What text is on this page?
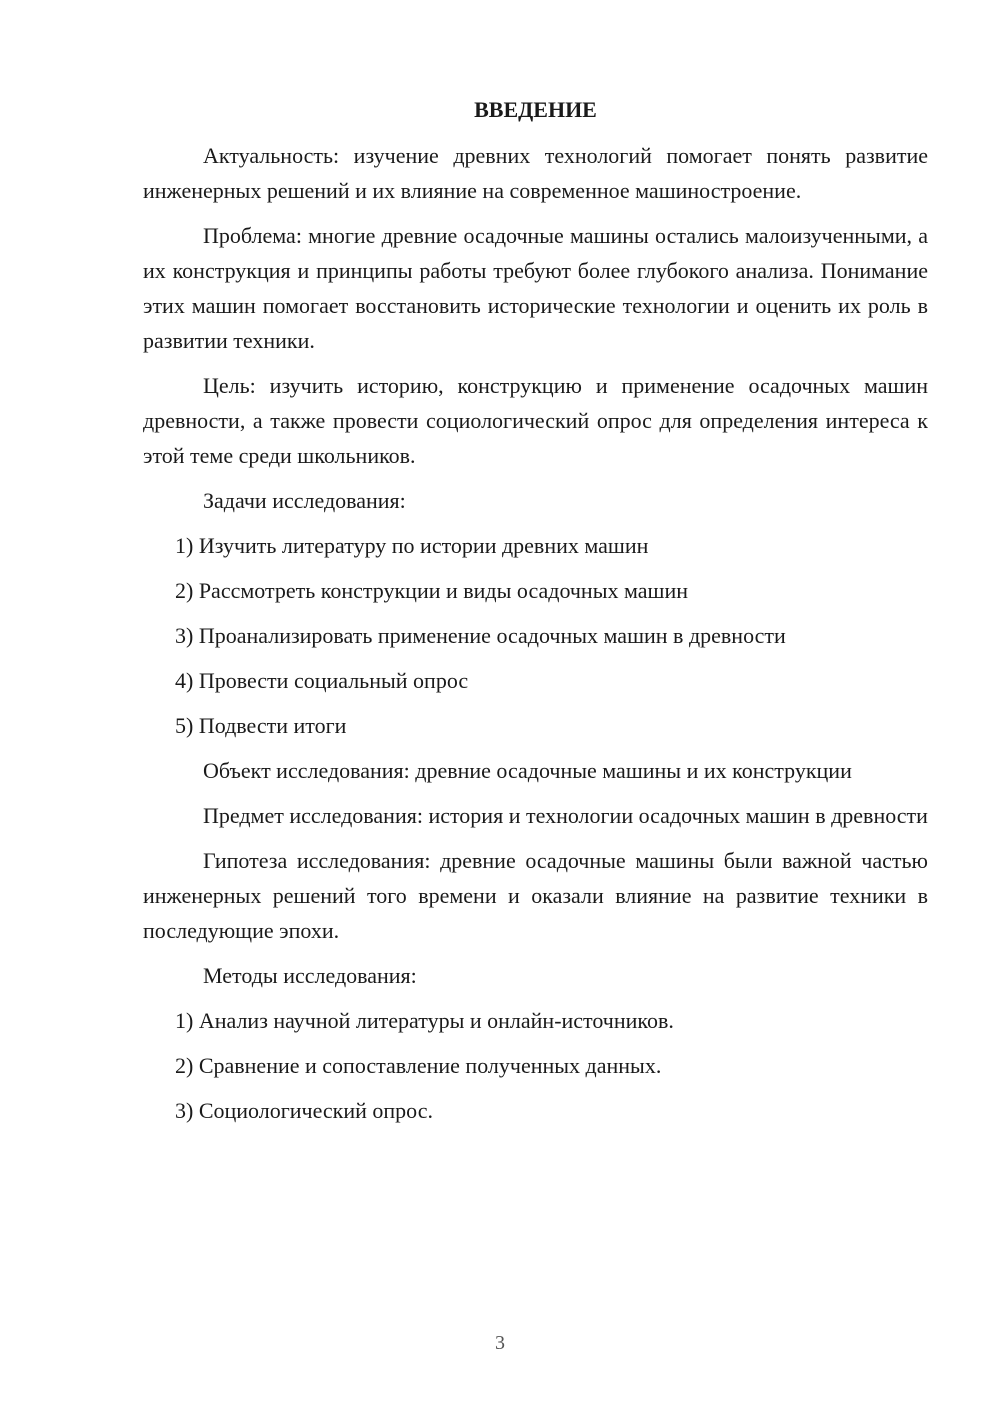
ВВЕДЕНИЕ

Актуальность: изучение древних технологий помогает понять развитие инженерных решений и их влияние на современное машиностроение.

Проблема: многие древние осадочные машины остались малоизученными, а их конструкция и принципы работы требуют более глубокого анализа. Понимание этих машин помогает восстановить исторические технологии и оценить их роль в развитии техники.

Цель: изучить историю, конструкцию и применение осадочных машин древности, а также провести социологический опрос для определения интереса к этой теме среди школьников.

Задачи исследования:
1) Изучить литературу по истории древних машин
2) Рассмотреть конструкции и виды осадочных машин
3) Проанализировать применение осадочных машин в древности
4) Провести социальный опрос
5) Подвести итоги

Объект исследования: древние осадочные машины и их конструкции

Предмет исследования: история и технологии осадочных машин в древности

Гипотеза исследования: древние осадочные машины были важной частью инженерных решений того времени и оказали влияние на развитие техники в последующие эпохи.

Методы исследования:
1) Анализ научной литературы и онлайн-источников.
2) Сравнение и сопоставление полученных данных.
3) Социологический опрос.
3
